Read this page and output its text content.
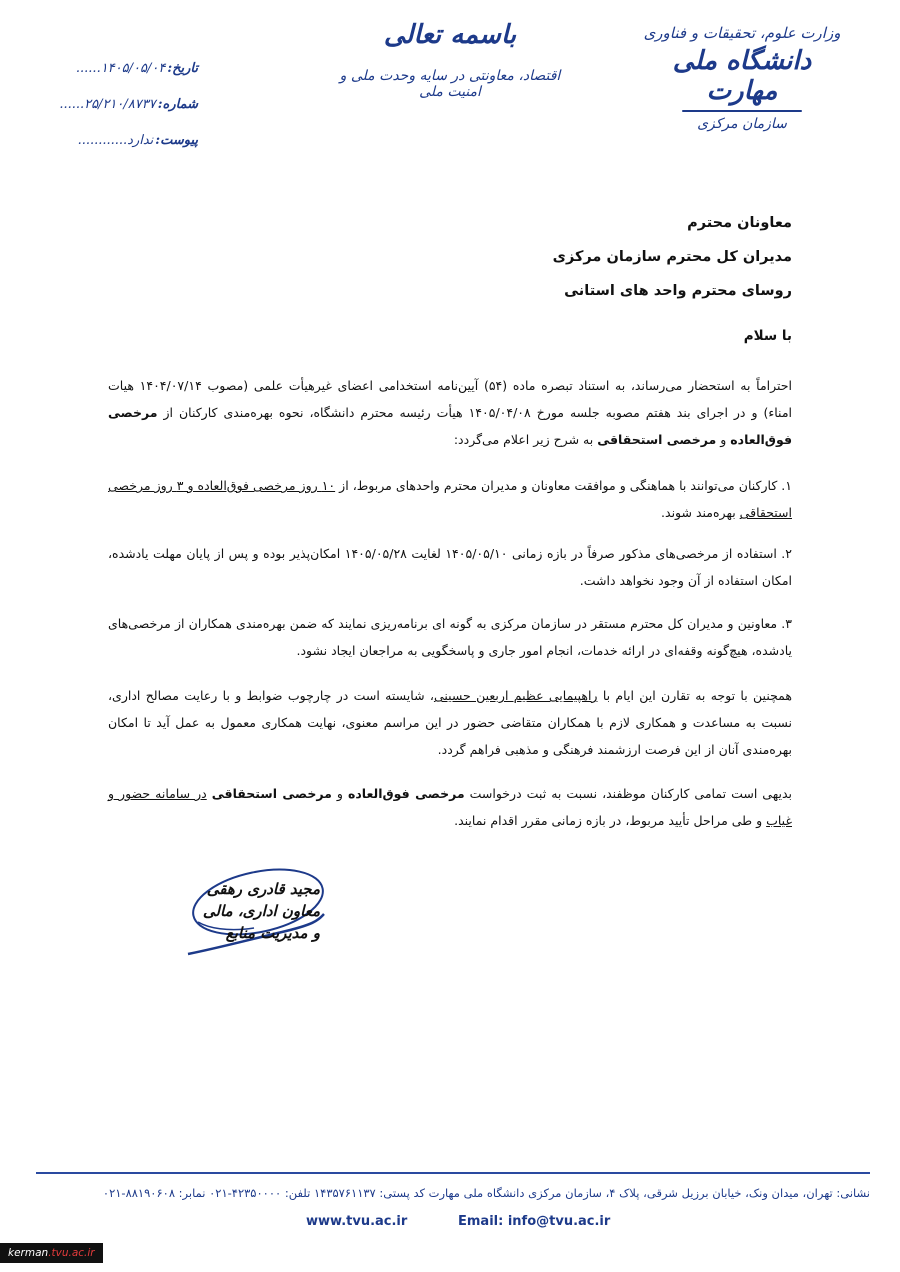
وزارت علوم، تحقیقات و فناوری
دانشگاه ملی مهارت
سازمان مرکزی
باسمه تعالی
اقتصاد، معاونتی در سایه وحدت ملی و امنیت ملی
تاریخ:
۱۴۰۵/۰۵/۰۴......
شماره:
۲۵/۲۱۰/۸۷۳۷......
پیوست:
ندارد............
معاونان محترم
مدیران کل محترم سازمان مرکزی
روسای محترم واحد های استانی
با سلام
احتراماً به استحضار می‌رساند، به استناد تبصره ماده (۵۴) آیین‌نامه استخدامی اعضای غیرهیأت علمی (مصوب ۱۴۰۴/۰۷/۱۴ هیات امناء) و در اجرای بند هفتم مصوبه جلسه مورخ ۱۴۰۵/۰۴/۰۸ هیأت رئیسه محترم دانشگاه، نحوه بهره‌مندی کارکنان از مرخصی فوق‌العاده و مرخصی استحقاقی به شرح زیر اعلام می‌گردد:
۱. کارکنان می‌توانند با هماهنگی و موافقت معاونان و مدیران محترم واحدهای مربوط، از ۱۰ روز مرخصی فوق‌العاده و ۳ روز مرخصی استحقاقی بهره‌مند شوند.
۲. استفاده از مرخصی‌های مذکور صرفاً در بازه زمانی ۱۴۰۵/۰۵/۱۰ لغایت ۱۴۰۵/۰۵/۲۸ امکان‌پذیر بوده و پس از پایان مهلت یادشده، امکان استفاده از آن وجود نخواهد داشت.
۳. معاونین و مدیران کل محترم مستقر در سازمان مرکزی به گونه ای برنامه‌ریزی نمایند که ضمن بهره‌مندی همکاران از مرخصی‌های یادشده، هیچ‌گونه وقفه‌ای در ارائه خدمات، انجام امور جاری و پاسخگویی به مراجعان ایجاد نشود.
همچنین با توجه به تقارن این ایام با راهپیمایی عظیم اربعین حسینی، شایسته است در چارچوب ضوابط و با رعایت مصالح اداری، نسبت به مساعدت و همکاری لازم با همکاران متقاضی حضور در این مراسم معنوی، نهایت همکاری معمول به عمل آید تا امکان بهره‌مندی آنان از این فرصت ارزشمند فرهنگی و مذهبی فراهم گردد.
بدیهی است تمامی کارکنان موظفند، نسبت به ثبت درخواست مرخصی فوق‌العاده و مرخصی استحقاقی در سامانه حضور و غیاب و طی مراحل تأیید مربوط، در بازه زمانی مقرر اقدام نمایند.
مجید قادری رهقی
معاون اداری، مالی
و مدیریت منابع
نشانی: تهران، میدان ونک، خیابان برزیل شرقی، پلاک ۴، سازمان مرکزی دانشگاه ملی مهارت کد پستی: ۱۴۳۵۷۶۱۱۳۷ تلفن: ۴۲۳۵۰۰۰۰-۰۲۱ نمابر: ۸۸۱۹۰۶۰۸-۰۲۱
www.tvu.ac.ir	Email: info@tvu.ac.ir
kerman.tvu.ac.ir
